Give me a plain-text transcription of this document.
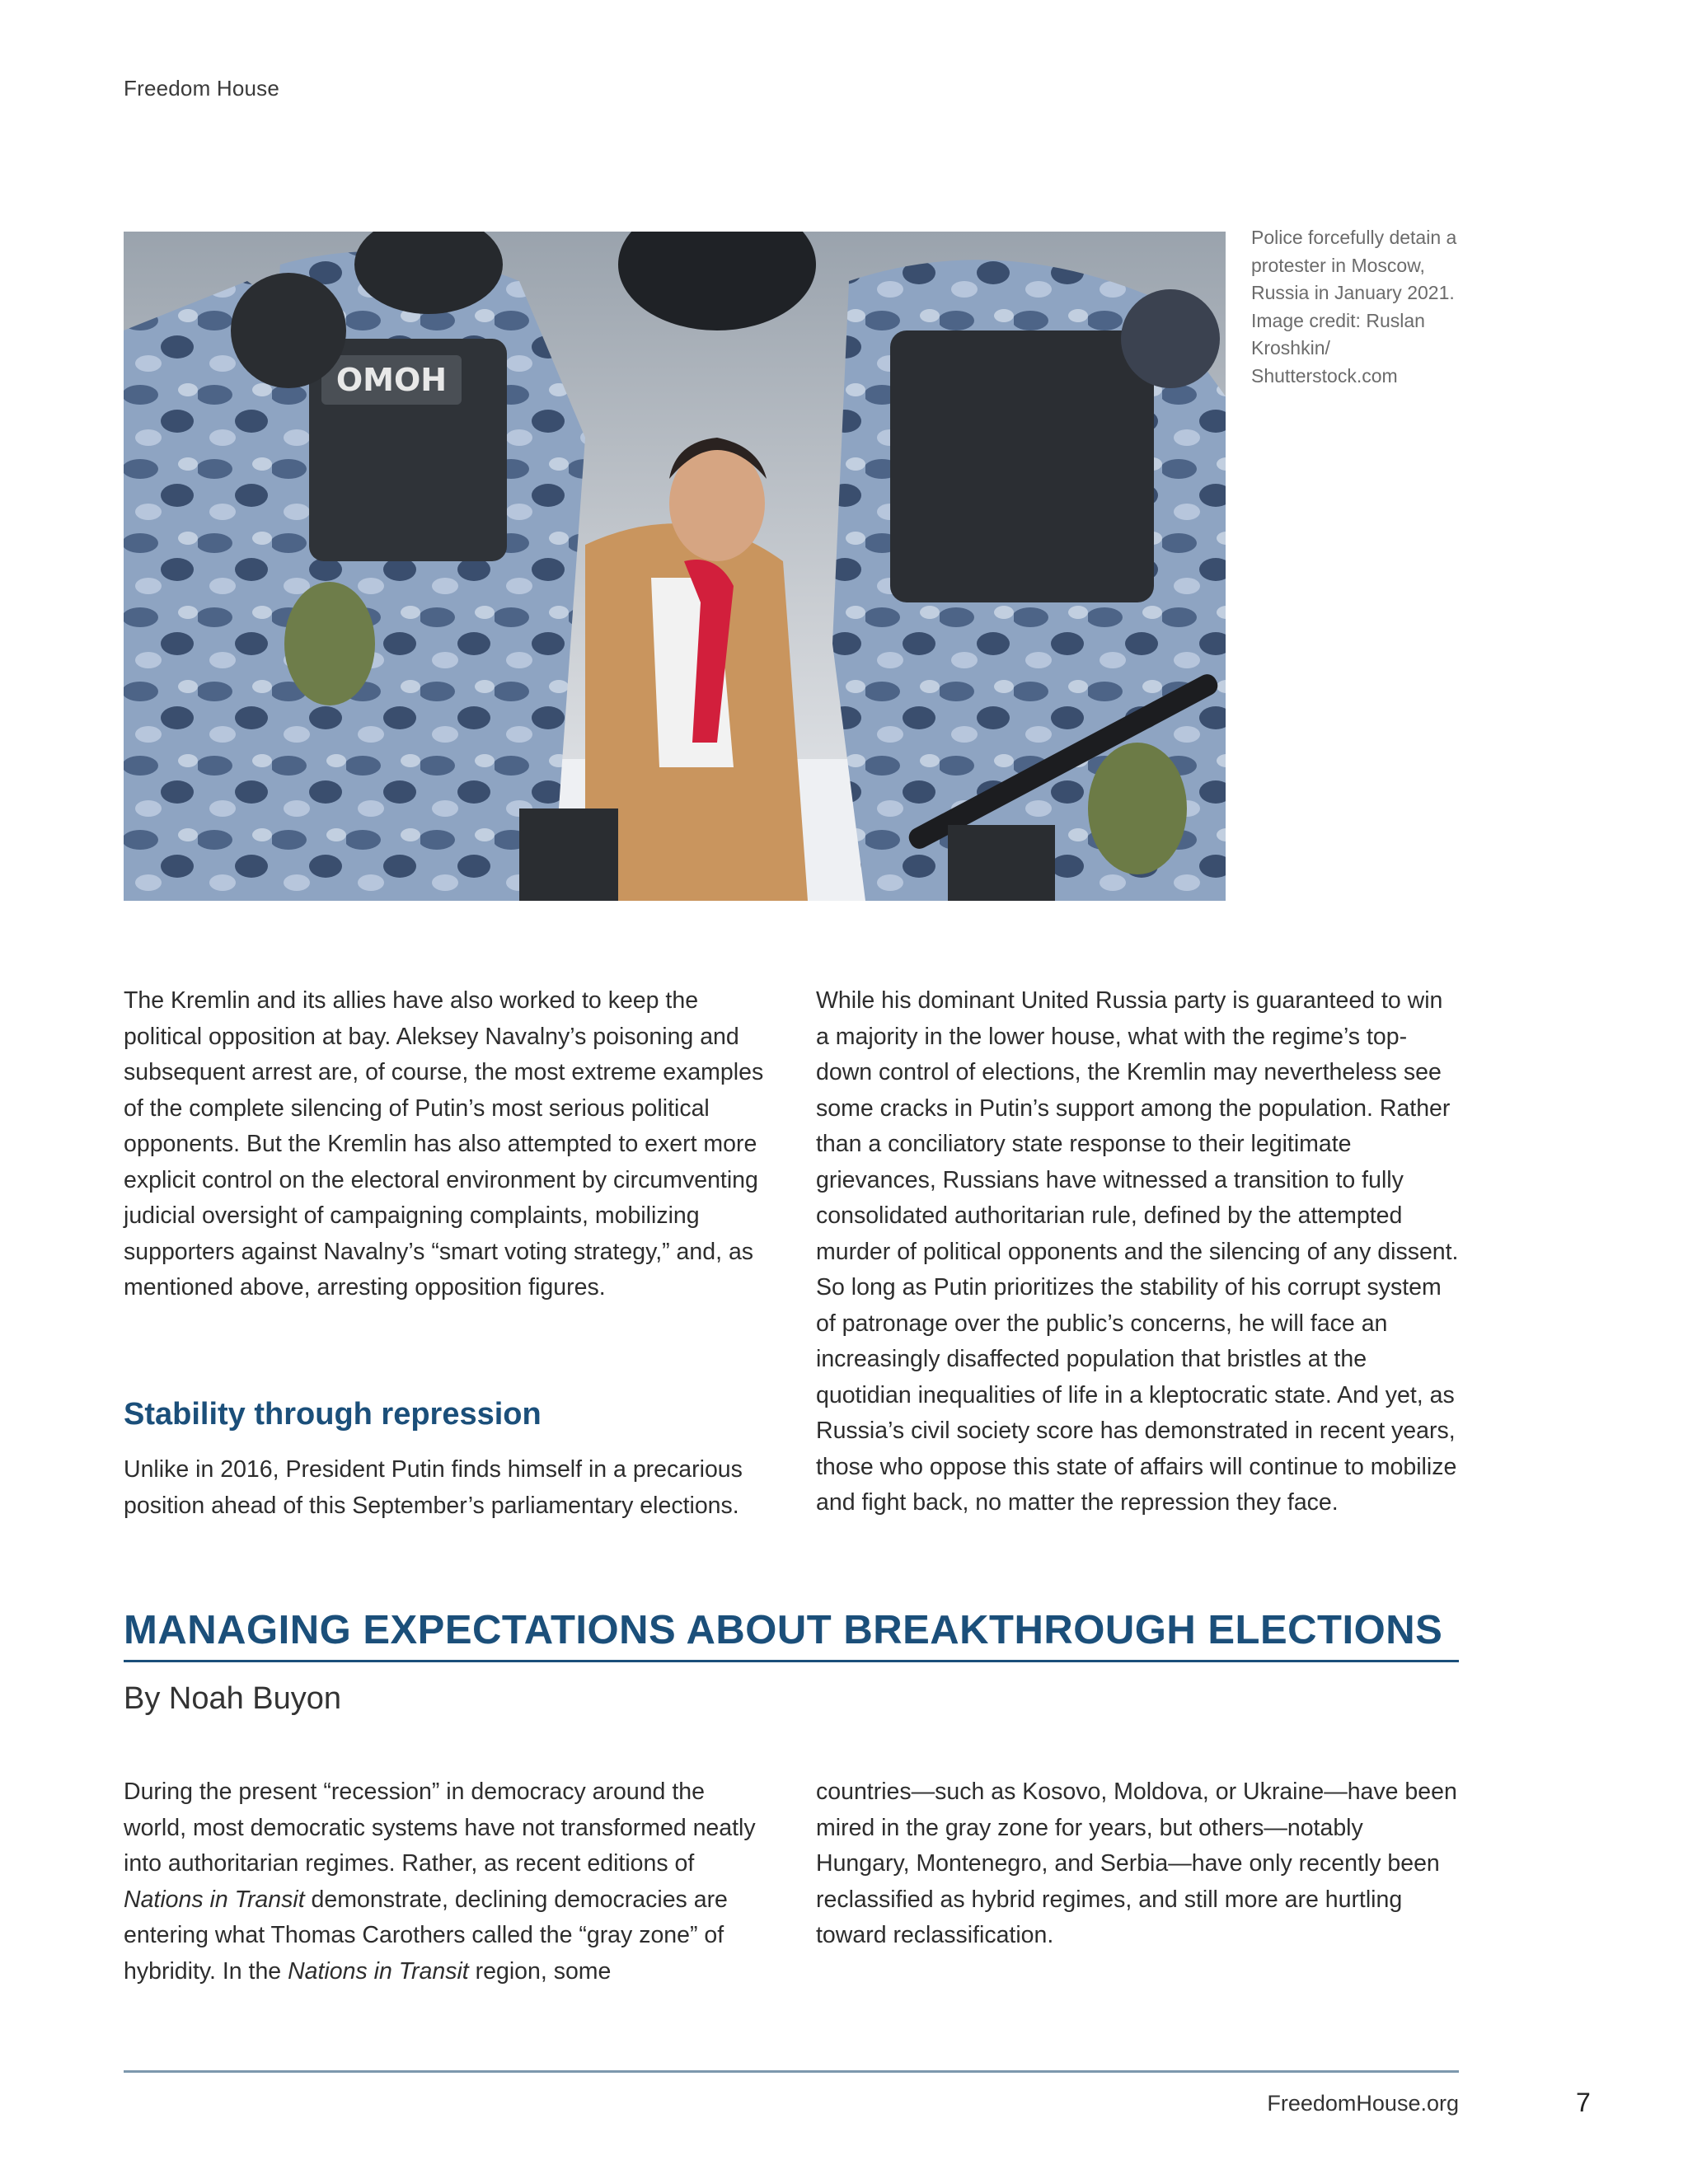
Freedom House
ОМОН
Police forcefully detain a protester in Moscow, Russia in January 2021. Image credit: Ruslan Kroshkin/ Shutterstock.com

The Kremlin and its allies have also worked to keep the political opposition at bay. Aleksey Navalny’s poisoning and subsequent arrest are, of course, the most extreme examples of the complete silencing of Putin’s most serious political opponents. But the Kremlin has also attempted to exert more explicit control on the electoral environment by circumventing judicial oversight of campaigning complaints, mobilizing supporters against Navalny’s “smart voting strategy,” and, as mentioned above, arresting opposition figures.

Stability through repression

Unlike in 2016, President Putin finds himself in a precarious position ahead of this September’s parliamentary elections.

While his dominant United Russia party is guaranteed to win a majority in the lower house, what with the regime’s top-down control of elections, the Kremlin may nevertheless see some cracks in Putin’s support among the population. Rather than a conciliatory state response to their legitimate grievances, Russians have witnessed a transition to fully consolidated authoritarian rule, defined by the attempted murder of political opponents and the silencing of any dissent. So long as Putin prioritizes the stability of his corrupt system of patronage over the public’s concerns, he will face an increasingly disaffected population that bristles at the quotidian inequalities of life in a kleptocratic state. And yet, as Russia’s civil society score has demonstrated in recent years, those who oppose this state of affairs will continue to mobilize and fight back, no matter the repression they face.

MANAGING EXPECTATIONS ABOUT BREAKTHROUGH ELECTIONS
By Noah Buyon

During the present “recession” in democracy around the world, most democratic systems have not transformed neatly into authoritarian regimes. Rather, as recent editions of Nations in Transit demonstrate, declining democracies are entering what Thomas Carothers called the “gray zone” of hybridity. In the Nations in Transit region, some

countries—such as Kosovo, Moldova, or Ukraine—have been mired in the gray zone for years, but others—notably Hungary, Montenegro, and Serbia—have only recently been reclassified as hybrid regimes, and still more are hurtling toward reclassification.

FreedomHouse.org	7
